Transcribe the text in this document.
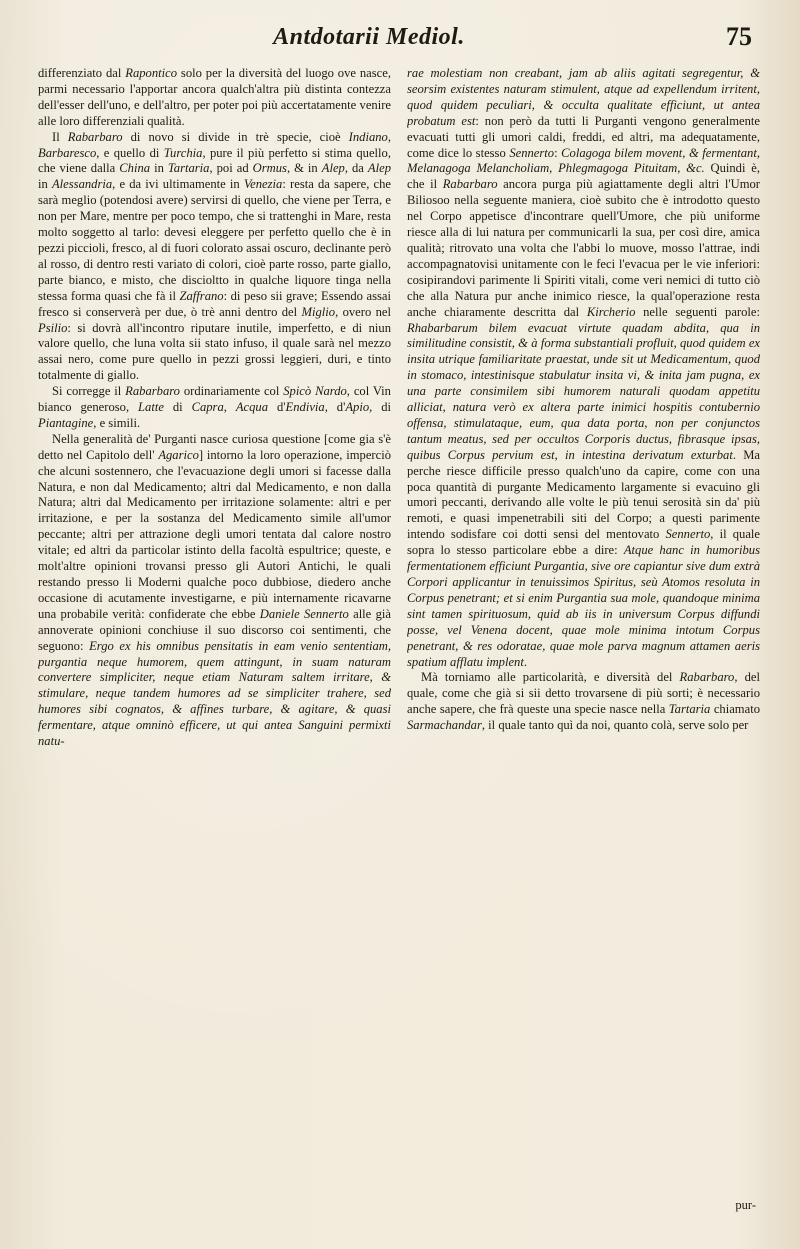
Antdotarii Mediol.	75

differenziato dal Rapontico solo per la diversità del luogo ove nasce, parmi necessario l'apportar ancora qualch'altra più distinta contezza dell'esser dell'uno, e dell'altro, per poter poi più accertatamente venire alle loro differenziali qualità.

Il Rabarbaro di novo si divide in trè specie, cioè Indiano, Barbaresco, e quello di Turchia, pure il più perfetto si stima quello, che viene dalla China in Tartaria, poi ad Ormus, & in Alep, da Alep in Alessandria, e da ivi ultimamente in Venezia: resta da sapere, che sarà meglio (potendosi avere) servirsi di quello, che viene per Terra, e non per Mare, mentre per poco tempo, che si trattenghi in Mare, resta molto soggetto al tarlo: devesi eleggere per perfetto quello che è in pezzi piccioli, fresco, al di fuori colorato assai oscuro, declinante però al rosso, di dentro resti variato di colori, cioè parte rosso, parte giallo, parte bianco, e misto, che discioltto in qualche liquore tinga nella stessa forma quasi che fà il Zaffrano: di peso sii grave; Essendo assai fresco si conserverà per due, ò trè anni dentro del Miglio, overo nel Psilio: si dovrà all'incontro riputare inutile, imperfetto, e di niun valore quello, che luna volta sii stato infuso, il quale sarà nel mezzo assai nero, come pure quello in pezzi grossi leggieri, duri, e tinto totalmente di giallo.

Si corregge il Rabarbaro ordinariamente col Spicò Nardo, col Vin bianco generoso, Latte di Capra, Acqua d'Endivia, d'Apio, di Piantagine, e simili.

Nella generalità de' Purganti nasce curiosa questione [come gia s'è detto nel Capitolo dell' Agarico] intorno la loro operazione, imperciò che alcuni sostennero, che l'evacuazione degli umori si facesse dalla Natura, e non dal Medicamento; altri dal Medicamento, e non dalla Natura; altri dal Medicamento per irritazione solamente: altri e per irritazione, e per la sostanza del Medicamento simile all'umor peccante; altri per attrazione degli umori tentata dal calore nostro vitale; ed altri da particolar istinto della facoltà espultrice; queste, e molt'altre opinioni trovansi presso gli Autori Antichi, le quali restando presso li Moderni qualche poco dubbiose, diedero anche occasione di acutamente investigarne, e più internamente ricavarne una probabile verità: confiderate che ebbe Daniele Sennerto alle già annoverate opinioni conchiuse il suo discorso coi sentimenti, che seguono: Ergo ex his omnibus pensitatis in eam venio sententiam, purgantia neque humorem, quem attingunt, in suam naturam convertere simpliciter, neque etiam Naturam saltem irritare, & stimulare, neque tandem humores ad se simpliciter trahere, sed humores sibi cognatos, & affines turbare, & agitare, & quasi fermentare, atque omninò efficere, ut qui antea Sanguini permixti natu-

rae molestiam non creabant, jam ab aliis agitati segregentur, & seorsim existentes naturam stimulent, atque ad expellendum irritent, quod quidem peculiari, & occulta qualitate efficiunt, ut antea probatum est: non però da tutti li Purganti vengono generalmente evacuati tutti gli umori caldi, freddi, ed altri, ma adequatamente, come dice lo stesso Sennerto: Colagoga bilem movent, & fermentant, Melanagoga Melancholiam, Phlegmagoga Pituitam, &c. Quindi è, che il Rabarbaro ancora purga più agiattamente degli altri l'Umor Biliosoo nella seguente maniera, cioè subito che è introdotto questo nel Corpo appetisce d'incontrare quell'Umore, che più uniforme riesce alla di lui natura per communicarli la sua, per così dire, amica qualità; ritrovato una volta che l'abbi lo muove, mosso l'attrae, indi accompagnatovisi unitamente con le feci l'evacua per le vie inferiori: cosipirandovi parimente li Spiriti vitali, come veri nemici di tutto ciò che alla Natura pur anche inimico riesce, la qual'operazione resta anche chiaramente descritta dal Kircherio nelle seguenti parole: Rhabarbarum bilem evacuat virtute quadam abdita, qua in similitudine consistit, & à forma substantiali profluit, quod quidem ex insita utrique familiaritate praestat, unde sit ut Medicamentum, quod in stomaco, intestinisque stabulatur insita vi, & inita jam pugna, ex una parte consimilem sibi humorem naturali quodam appetitu alliciat, natura verò ex altera parte inimici hospitis contubernio offensa, stimulataque, eum, qua data porta, non per conjunctos tantum meatus, sed per occultos Corporis ductus, fibrasque ipsas, quibus Corpus pervium est, in intestina derivatum exturbat. Ma perche riesce difficile presso qualch'uno da capire, come con una poca quantità di purgante Medicamento largamente si evacuino gli umori peccanti, derivando alle volte le più tenui serosità sin da' più remoti, e quasi impenetrabili siti del Corpo; a questi parimente intendo sodisfare coi dotti sensi del mentovato Sennerto, il quale sopra lo stesso particolare ebbe a dire: Atque hanc in humoribus fermentationem efficiunt Purgantia, sive ore capiantur sive dum extrà Corpori applicantur in tenuissimos Spiritus, seù Atomos resoluta in Corpus penetrant; et si enim Purgantia sua mole, quandoque minima sint tamen spirituosum, quid ab iis in universum Corpus diffundi posse, vel Venena docent, quae mole minima intotum Corpus penetrant, & res odoratae, quae mole parva magnum attamen aeris spatium afflatu implent.

Mà torniamo alle particolarità, e diversità del Rabarbaro, del quale, come che già si sii detto trovarsene di più sorti; è necessario anche sapere, che frà queste una specie nasce nella Tartaria chiamato Sarmachandar, il quale tanto quì da noi, quanto colà, serve solo per

pur-
